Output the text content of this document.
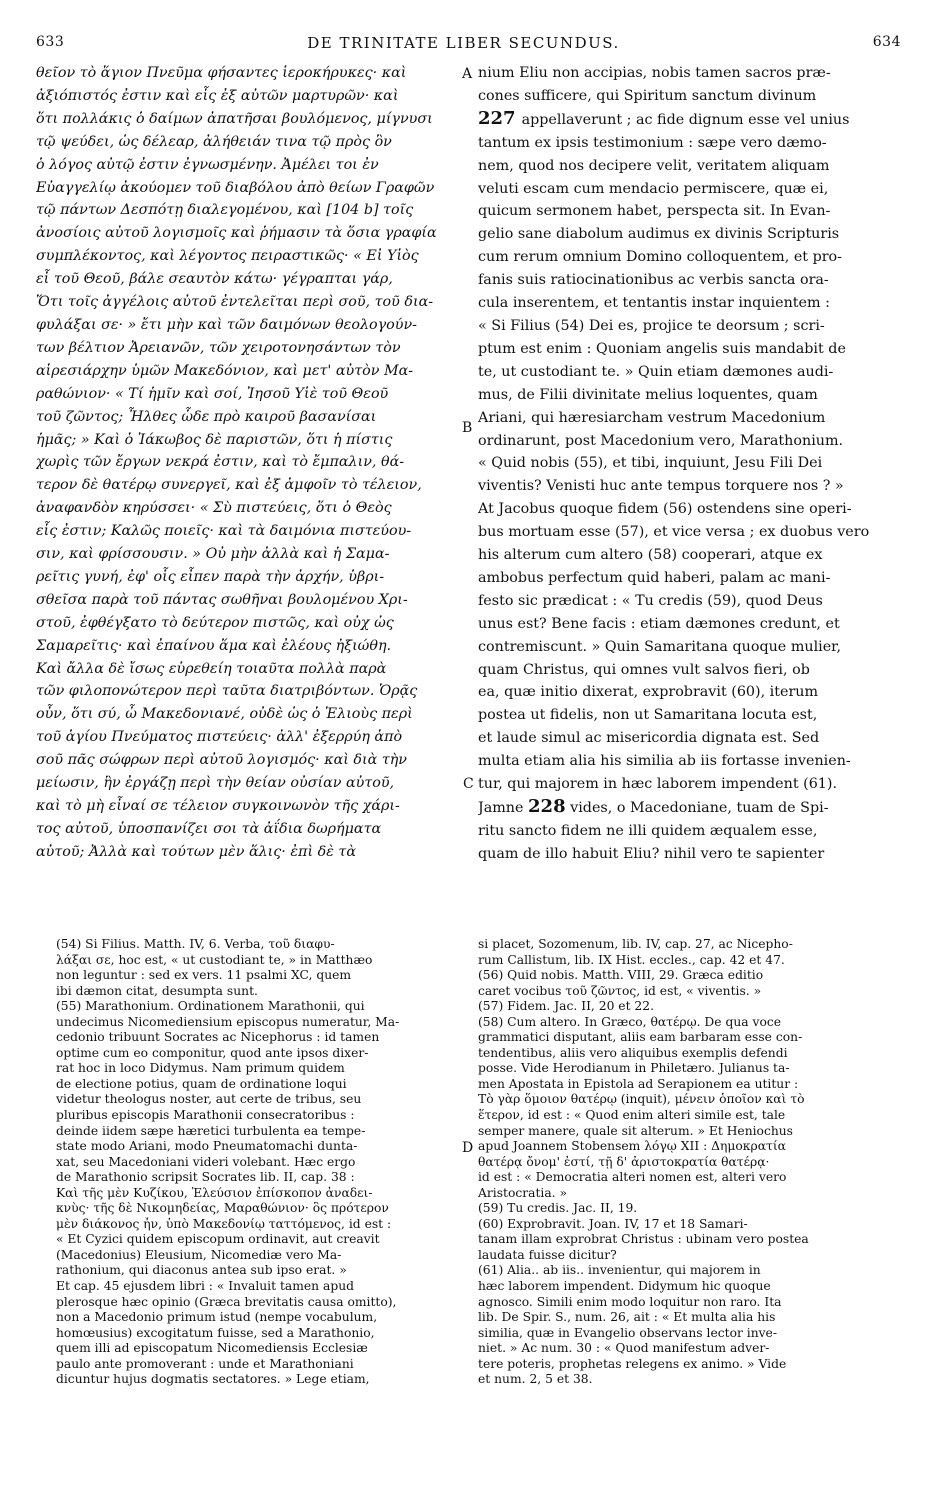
633	DE TRINITATE LIBER SECUNDUS.	634
A
B
C
D
θεῖον τὸ ἅγιον Πνεῦμα φήσαντες ἱεροκήρυκες· καὶ
ἀξιόπιστός ἐστιν καὶ εἷς ἐξ αὐτῶν μαρτυρῶν· καὶ
ὅτι πολλάκις ὁ δαίμων ἀπατῆσαι βουλόμενος, μίγνυσι
τῷ ψεύδει, ὡς δέλεαρ, ἀλήθειάν τινα τῷ πρὸς ὃν
ὁ λόγος αὐτῷ ἐστιν ἐγνωσμένην. Ἀμέλει τοι ἐν
Εὐαγγελίῳ ἀκούομεν τοῦ διαβόλου ἀπὸ θείων Γραφῶν
τῷ πάντων Δεσπότῃ διαλεγομένου, καὶ [104 b] τοῖς
ἀνοσίοις αὐτοῦ λογισμοῖς καὶ ῥήμασιν τὰ ὅσια γραφία
συμπλέκοντος, καὶ λέγοντος πειραστικῶς· « Εἰ Υἱὸς
εἶ τοῦ Θεοῦ, βάλε σεαυτὸν κάτω· γέγραπται γάρ,
Ὅτι τοῖς ἀγγέλοις αὐτοῦ ἐντελεῖται περὶ σοῦ, τοῦ δια-
φυλάξαι σε· » ἔτι μὴν καὶ τῶν δαιμόνων θεολογούν-
των βέλτιον Ἀρειανῶν, τῶν χειροτονησάντων τὸν
αἱρεσιάρχην ὑμῶν Μακεδόνιον, καὶ μετ' αὐτὸν Μα-
ραθώνιον· « Τί ἡμῖν καὶ σοί, Ἰησοῦ Υἱὲ τοῦ Θεοῦ
τοῦ ζῶντος; Ἦλθες ὧδε πρὸ καιροῦ βασανίσαι
ἡμᾶς; » Καὶ ὁ Ἰάκωβος δὲ παριστῶν, ὅτι ἡ πίστις
χωρὶς τῶν ἔργων νεκρά ἐστιν, καὶ τὸ ἔμπαλιν, θά-
τερον δὲ θατέρῳ συνεργεῖ, καὶ ἐξ ἀμφοῖν τὸ τέλειον,
ἀναφανδὸν κηρύσσει· « Σὺ πιστεύεις, ὅτι ὁ Θεὸς
εἷς ἐστιν; Καλῶς ποιεῖς· καὶ τὰ δαιμόνια πιστεύου-
σιν, καὶ φρίσσουσιν. » Οὐ μὴν ἀλλὰ καὶ ἡ Σαμα-
ρεῖτις γυνή, ἐφ' οἷς εἶπεν παρὰ τὴν ἀρχήν, ὑβρι-
σθεῖσα παρὰ τοῦ πάντας σωθῆναι βουλομένου Χρι-
στοῦ, ἐφθέγξατο τὸ δεύτερον πιστῶς, καὶ οὐχ ὡς
Σαμαρεῖτις· καὶ ἐπαίνου ἅμα καὶ ἐλέους ἠξιώθη.
Καὶ ἄλλα δὲ ἴσως εὑρεθείη τοιαῦτα πολλὰ παρὰ
τῶν φιλοπονώτερον περὶ ταῦτα διατριβόντων. Ὁρᾷς
οὖν, ὅτι σύ, ὦ Μακεδονιανέ, οὐδὲ ὡς ὁ Ἐλιοὺς περὶ
τοῦ ἁγίου Πνεύματος πιστεύεις· ἀλλ' ἐξερρύη ἀπὸ
σοῦ πᾶς σώφρων περὶ αὐτοῦ λογισμός· καὶ διὰ τὴν
μείωσιν, ἣν ἐργάζῃ περὶ τὴν θείαν οὐσίαν αὐτοῦ,
καὶ τὸ μὴ εἶναί σε τέλειον συγκοινωνὸν τῆς χάρι-
τος αὐτοῦ, ὑποσπανίζει σοι τὰ ἀΐδια δωρήματα
αὐτοῦ; Ἀλλὰ καὶ τούτων μὲν ἅλις· ἐπὶ δὲ τὰ
nium Eliu non accipias, nobis tamen sacros præ-
cones sufficere, qui Spiritum sanctum divinum
227 appellaverunt ; ac fide dignum esse vel unius
tantum ex ipsis testimonium : sæpe vero dæmo-
nem, quod nos decipere velit, veritatem aliquam
veluti escam cum mendacio permiscere, quæ ei,
quicum sermonem habet, perspecta sit. In Evan-
gelio sane diabolum audimus ex divinis Scripturis
cum rerum omnium Domino colloquentem, et pro-
fanis suis ratiocinationibus ac verbis sancta ora-
cula inserentem, et tentantis instar inquientem :
« Si Filius (54) Dei es, projice te deorsum ; scri-
ptum est enim : Quoniam angelis suis mandabit de
te, ut custodiant te. » Quin etiam dæmones audi-
mus, de Filii divinitate melius loquentes, quam
Ariani, qui hæresiarcham vestrum Macedonium
ordinarunt, post Macedonium vero, Marathonium.
« Quid nobis (55), et tibi, inquiunt, Jesu Fili Dei
viventis? Venisti huc ante tempus torquere nos ? »
At Jacobus quoque fidem (56) ostendens sine operi-
bus mortuam esse (57), et vice versa ; ex duobus vero
his alterum cum altero (58) cooperari, atque ex
ambobus perfectum quid haberi, palam ac mani-
festo sic prædicat : « Tu credis (59), quod Deus
unus est? Bene facis : etiam dæmones credunt, et
contremiscunt. » Quin Samaritana quoque mulier,
quam Christus, qui omnes vult salvos fieri, ob
ea, quæ initio dixerat, exprobravit (60), iterum
postea ut fidelis, non ut Samaritana locuta est,
et laude simul ac misericordia dignata est. Sed
multa etiam alia his similia ab iis fortasse invenien-
tur, qui majorem in hæc laborem impendent (61).
Jamne 228 vides, o Macedoniane, tuam de Spi-
ritu sancto fidem ne illi quidem æqualem esse,
quam de illo habuit Eliu? nihil vero te sapienter
(54) Si Filius. Matth. IV, 6. Verba, τοῦ διαφυ-
λάξαι σε, hoc est, « ut custodiant te, » in Matthæo
non leguntur : sed ex vers. 11 psalmi XC, quem
ibi dæmon citat, desumpta sunt.
(55) Marathonium. Ordinationem Marathonii, qui
undecimus Nicomediensium episcopus numeratur, Ma-
cedonio tribuunt Socrates ac Nicephorus : id tamen
optime cum eo componitur, quod ante ipsos dixer-
rat hoc in loco Didymus. Nam primum quidem
de electione potius, quam de ordinatione loqui
videtur theologus noster, aut certe de tribus, seu
pluribus episcopis Marathonii consecratoribus :
deinde iidem sæpe hæretici turbulenta ea tempe-
state modo Ariani, modo Pneumatomachi dunta-
xat, seu Macedoniani videri volebant. Hæc ergo
de Marathonio scripsit Socrates lib. II, cap. 38 :
Καὶ τῆς μὲν Κυζίκου, Ἐλεύσιον ἐπίσκοπον ἀναδει-
κνὺς· τῆς δὲ Νικομηδείας, Μαραθώνιον· ὃς πρότερον
μὲν διάκονος ἦν, ὑπὸ Μακεδονίῳ ταττόμενος, id est :
« Et Cyzici quidem episcopum ordinavit, aut creavit
(Macedonius) Eleusium, Nicomediæ vero Ma-
rathonium, qui diaconus antea sub ipso erat. »
Et cap. 45 ejusdem libri : « Invaluit tamen apud
plerosque hæc opinio (Græca brevitatis causa omitto),
non a Macedonio primum istud (nempe vocabulum,
homœusius) excogitatum fuisse, sed a Marathonio,
quem illi ad episcopatum Nicomediensis Ecclesiæ
paulo ante promoverant : unde et Marathoniani
dicuntur hujus dogmatis sectatores. » Lege etiam,
si placet, Sozomenum, lib. IV, cap. 27, ac Nicepho-
rum Callistum, lib. IX Hist. eccles., cap. 42 et 47.
(56) Quid nobis. Matth. VIII, 29. Græca editio
caret vocibus τοῦ ζῶντος, id est, « viventis. »
(57) Fidem. Jac. II, 20 et 22.
(58) Cum altero. In Græco, θατέρῳ. De qua voce
grammatici disputant, aliis eam barbaram esse con-
tendentibus, aliis vero aliquibus exemplis defendi
posse. Vide Herodianum in Philetæro. Julianus ta-
men Apostata in Epistola ad Serapionem ea utitur :
Τὸ γὰρ ὅμοιον θατέρῳ (inquit), μένειν ὁποῖον καὶ τὸ
ἕτερον, id est : « Quod enim alteri simile est, tale
semper manere, quale sit alterum. » Et Heniochus
apud Joannem Stobensem λόγῳ ΧΙΙ : Δημοκρατία
θατέρᾳ ὄνομ' ἐστί, τῇ δ' ἀριστοκρατία θατέρᾳ·
id est : « Democratia alteri nomen est, alteri vero
Aristocratia. »
(59) Tu credis. Jac. II, 19.
(60) Exprobravit. Joan. IV, 17 et 18 Samari-
tanam illam exprobrat Christus : ubinam vero postea
laudata fuisse dicitur?
(61) Alia.. ab iis.. invenientur, qui majorem in
hæc laborem impendent. Didymum hic quoque
agnosco. Simili enim modo loquitur non raro. Ita
lib. De Spir. S., num. 26, ait : « Et multa alia his
similia, quæ in Evangelio observans lector inve-
niet. » Ac num. 30 : « Quod manifestum adver-
tere poteris, prophetas relegens ex animo. » Vide
et num. 2, 5 et 38.
